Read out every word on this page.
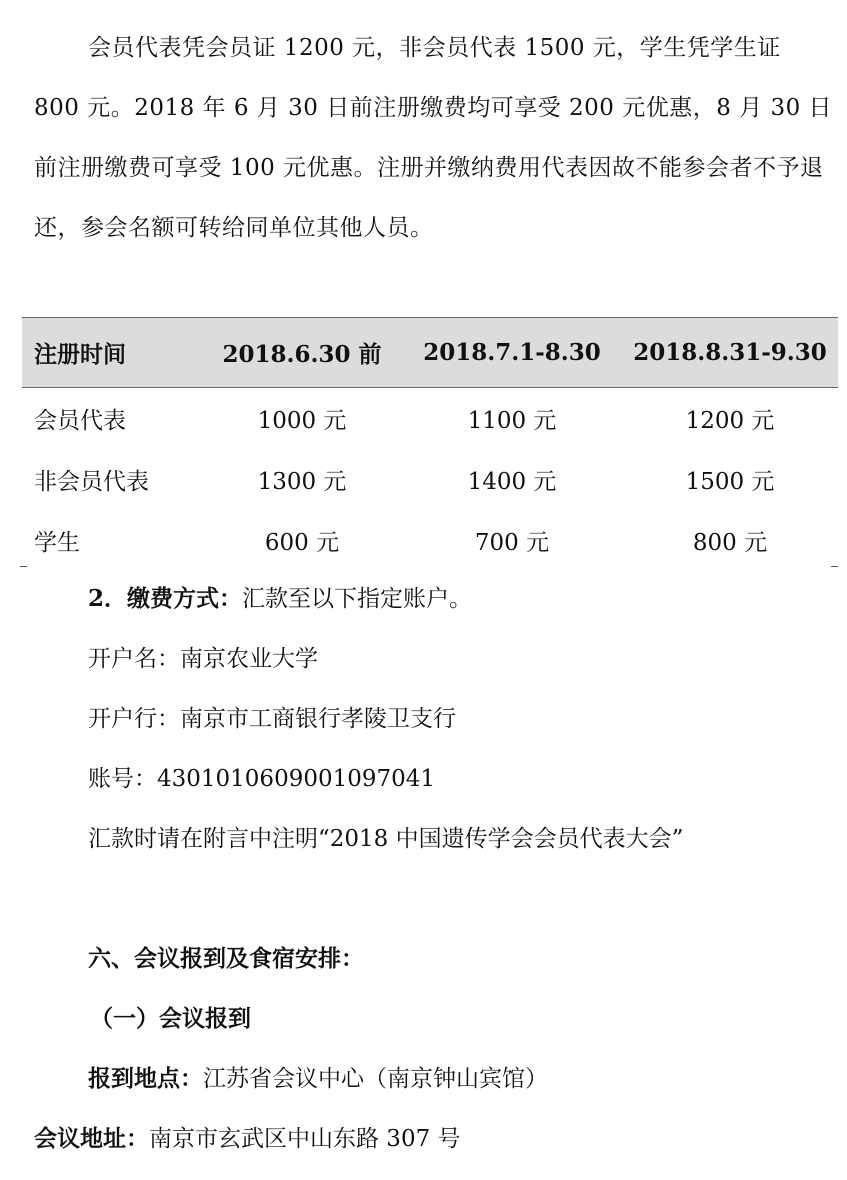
会员代表凭会员证 1200 元，非会员代表 1500 元，学生凭学生证 800 元。2018 年 6 月 30 日前注册缴费均可享受 200 元优惠，8 月 30 日前注册缴费可享受 100 元优惠。注册并缴纳费用代表因故不能参会者不予退还，参会名额可转给同单位其他人员。
注册时间	2018.6.30 前	2018.7.1-8.30	2018.8.31-9.30
会员代表	1000 元	1100 元	1200 元
非会员代表	1300 元	1400 元	1500 元
学生	600 元	700 元	800 元
2．缴费方式：汇款至以下指定账户。
开户名：南京农业大学
开户行：南京市工商银行孝陵卫支行
账号：4301010609001097041
汇款时请在附言中注明“2018 中国遗传学会会员代表大会”
六、会议报到及食宿安排：
（一）会议报到
报到地点：江苏省会议中心（南京钟山宾馆）
会议地址：南京市玄武区中山东路 307 号
